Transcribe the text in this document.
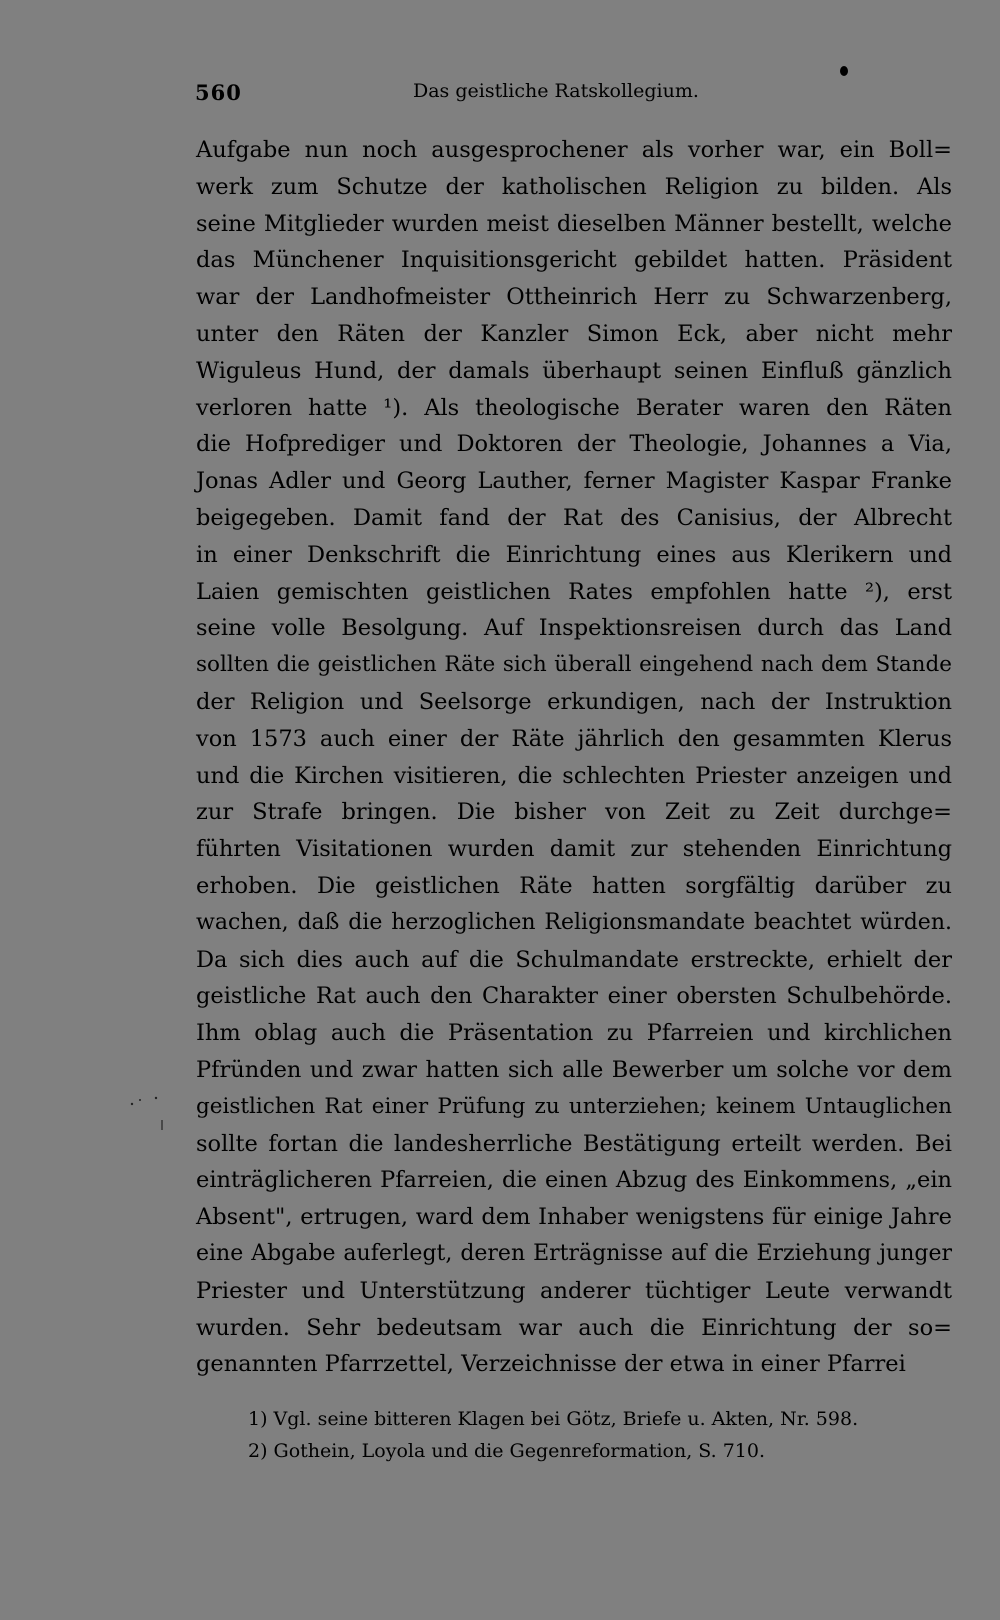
560	Das geistliche Ratskollegium.
Aufgabe nun noch ausgesprochener als vorher war, ein Boll=
werk zum Schutze der katholischen Religion zu bilden. Als
seine Mitglieder wurden meist dieselben Männer bestellt, welche
das Münchener Inquisitionsgericht gebildet hatten. Präsident
war der Landhofmeister Ottheinrich Herr zu Schwarzenberg,
unter den Räten der Kanzler Simon Eck, aber nicht mehr
Wiguleus Hund, der damals überhaupt seinen Einfluß gänzlich
verloren hatte ¹). Als theologische Berater waren den Räten
die Hofprediger und Doktoren der Theologie, Johannes a Via,
Jonas Adler und Georg Lauther, ferner Magister Kaspar Franke
beigegeben. Damit fand der Rat des Canisius, der Albrecht
in einer Denkschrift die Einrichtung eines aus Klerikern und
Laien gemischten geistlichen Rates empfohlen hatte ²), erst
seine volle Besolgung. Auf Inspektionsreisen durch das Land
sollten die geistlichen Räte sich überall eingehend nach dem Stande
der Religion und Seelsorge erkundigen, nach der Instruktion
von 1573 auch einer der Räte jährlich den gesammten Klerus
und die Kirchen visitieren, die schlechten Priester anzeigen und
zur Strafe bringen. Die bisher von Zeit zu Zeit durchge=
führten Visitationen wurden damit zur stehenden Einrichtung
erhoben. Die geistlichen Räte hatten sorgfältig darüber zu
wachen, daß die herzoglichen Religionsmandate beachtet würden.
Da sich dies auch auf die Schulmandate erstreckte, erhielt der
geistliche Rat auch den Charakter einer obersten Schulbehörde.
Ihm oblag auch die Präsentation zu Pfarreien und kirchlichen
Pfründen und zwar hatten sich alle Bewerber um solche vor dem
geistlichen Rat einer Prüfung zu unterziehen; keinem Untauglichen
sollte fortan die landesherrliche Bestätigung erteilt werden. Bei
einträglicheren Pfarreien, die einen Abzug des Einkommens, „ein
Absent", ertrugen, ward dem Inhaber wenigstens für einige Jahre
eine Abgabe auferlegt, deren Erträgnisse auf die Erziehung junger
Priester und Unterstützung anderer tüchtiger Leute verwandt
wurden. Sehr bedeutsam war auch die Einrichtung der so=
genannten Pfarrzettel, Verzeichnisse der etwa in einer Pfarrei
1) Vgl. seine bitteren Klagen bei Götz, Briefe u. Akten, Nr. 598.
2) Gothein, Loyola und die Gegenreformation, S. 710.
